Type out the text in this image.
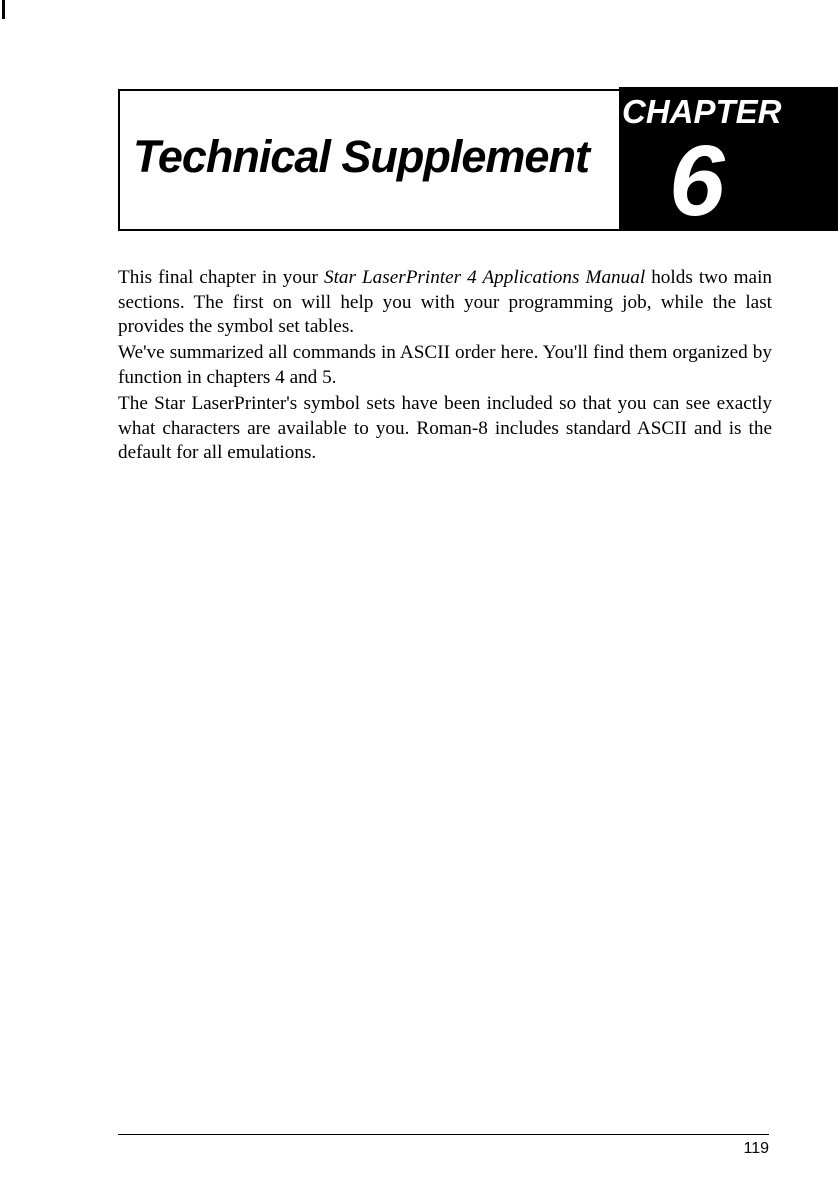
Technical Supplement
CHAPTER
6

This final chapter in your Star LaserPrinter 4 Applications Manual holds two main sections. The first on will help you with your programming job, while the last provides the symbol set tables.

We've summarized all commands in ASCII order here. You'll find them organized by function in chapters 4 and 5.

The Star LaserPrinter's symbol sets have been included so that you can see exactly what characters are available to you. Roman-8 includes standard ASCII and is the default for all emulations.

119
